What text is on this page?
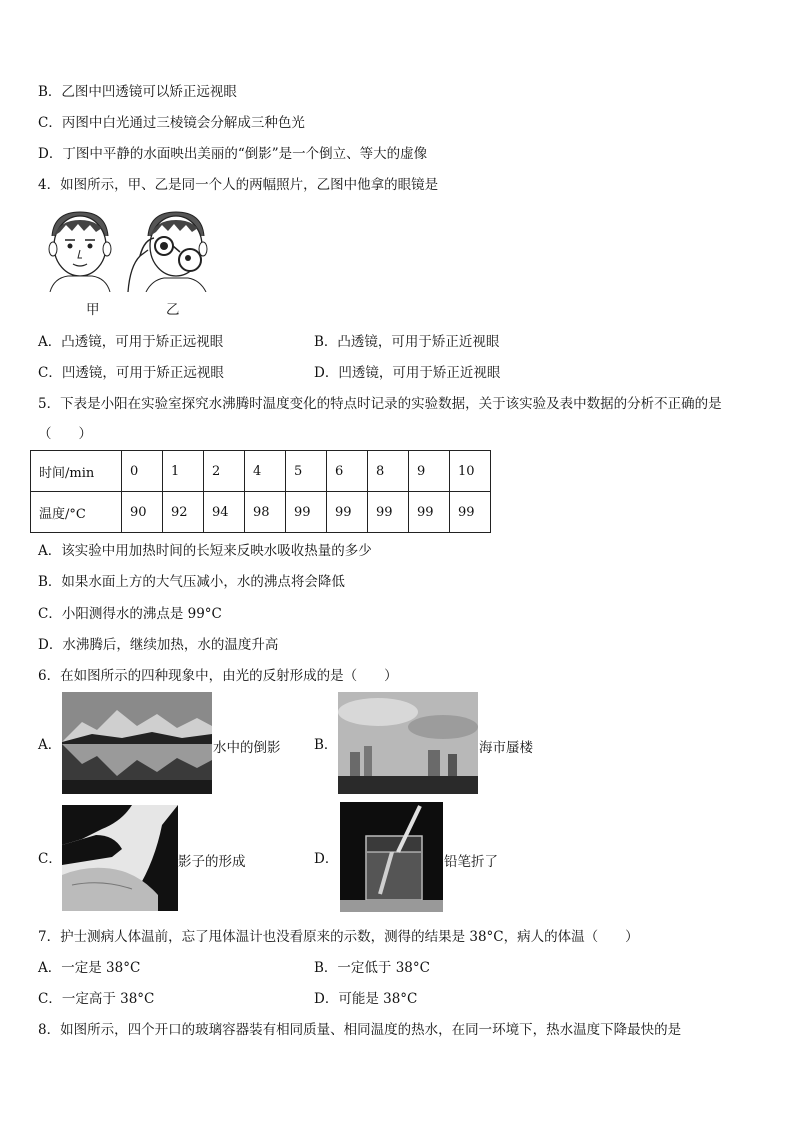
B．乙图中凹透镜可以矫正远视眼
C．丙图中白光通过三棱镜会分解成三种色光
D．丁图中平静的水面映出美丽的“倒影”是一个倒立、等大的虚像
4．如图所示，甲、乙是同一个人的两幅照片，乙图中他拿的眼镜是
甲	乙
A．凸透镜，可用于矫正远视眼	B．凸透镜，可用于矫正近视眼
C．凹透镜，可用于矫正远视眼	D．凹透镜，可用于矫正近视眼
5．下表是小阳在实验室探究水沸腾时温度变化的特点时记录的实验数据，关于该实验及表中数据的分析不正确的是
（　　）
时间/min	0	1	2	4	5	6	8	9	10
温度/°C	90	92	94	98	99	99	99	99	99
A．该实验中用加热时间的长短来反映水吸收热量的多少
B．如果水面上方的大气压减小，水的沸点将会降低
C．小阳测得水的沸点是 99°C
D．水沸腾后，继续加热，水的温度升高
6．在如图所示的四种现象中，由光的反射形成的是（　　）
A．	水中的倒影 B．	海市蜃楼
C．	影子的形成	D．	铅笔折了
7．护士测病人体温前，忘了甩体温计也没看原来的示数，测得的结果是 38°C，病人的体温（　　）
A．一定是 38°C	B．一定低于 38°C
C．一定高于 38°C	D．可能是 38°C
8．如图所示，四个开口的玻璃容器装有相同质量、相同温度的热水，在同一环境下，热水温度下降最快的是
